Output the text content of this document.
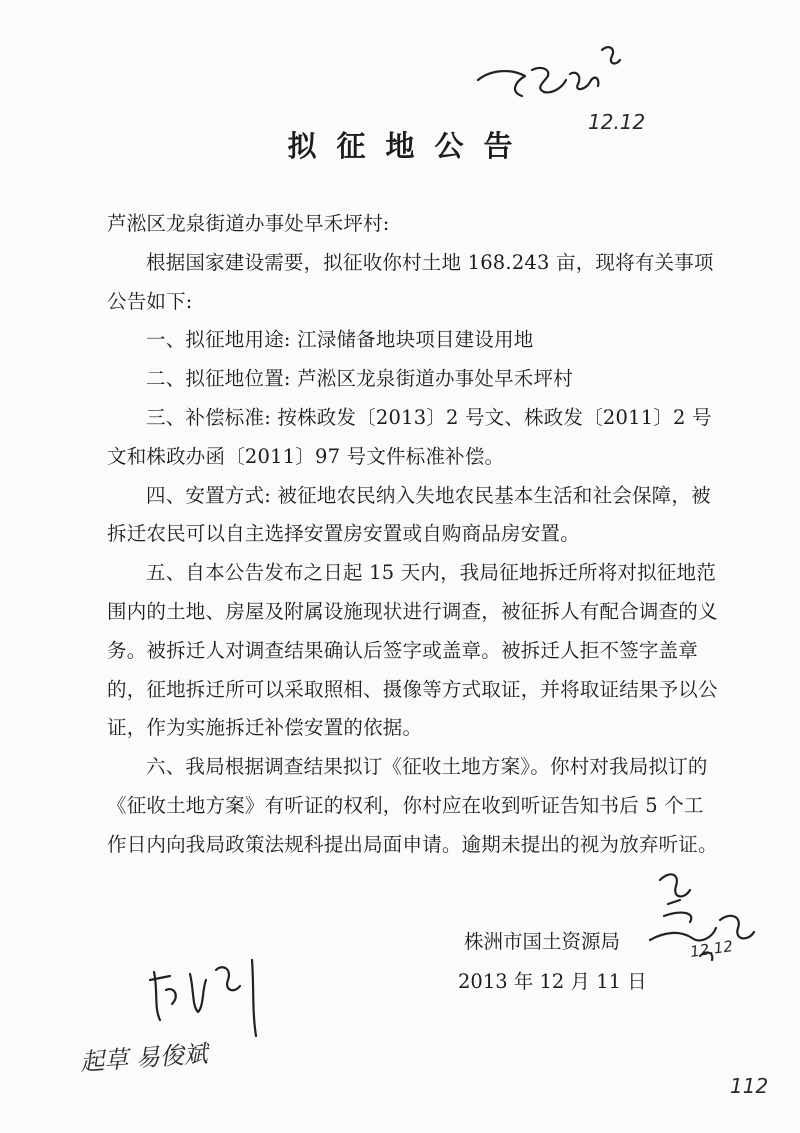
12.12
拟征地公告

芦淞区龙泉街道办事处早禾坪村:

根据国家建设需要，拟征收你村土地 168.243 亩，现将有关事项公告如下:

一、拟征地用途: 江渌储备地块项目建设用地

二、拟征地位置: 芦淞区龙泉街道办事处早禾坪村

三、补偿标准: 按株政发〔2013〕2 号文、株政发〔2011〕2 号文和株政办函〔2011〕97 号文件标准补偿。

四、安置方式: 被征地农民纳入失地农民基本生活和社会保障，被拆迁农民可以自主选择安置房安置或自购商品房安置。

五、自本公告发布之日起 15 天内，我局征地拆迁所将对拟征地范围内的土地、房屋及附属设施现状进行调查，被征拆人有配合调查的义务。被拆迁人对调查结果确认后签字或盖章。被拆迁人拒不签字盖章的，征地拆迁所可以采取照相、摄像等方式取证，并将取证结果予以公证，作为实施拆迁补偿安置的依据。

六、我局根据调查结果拟订《征收土地方案》。你村对我局拟订的《征收土地方案》有听证的权利，你村应在收到听证告知书后 5 个工作日内向我局政策法规科提出局面申请。逾期未提出的视为放弃听证。

株洲市国土资源局
2013 年 12 月 11 日
12.12
起草 易俊斌
112
